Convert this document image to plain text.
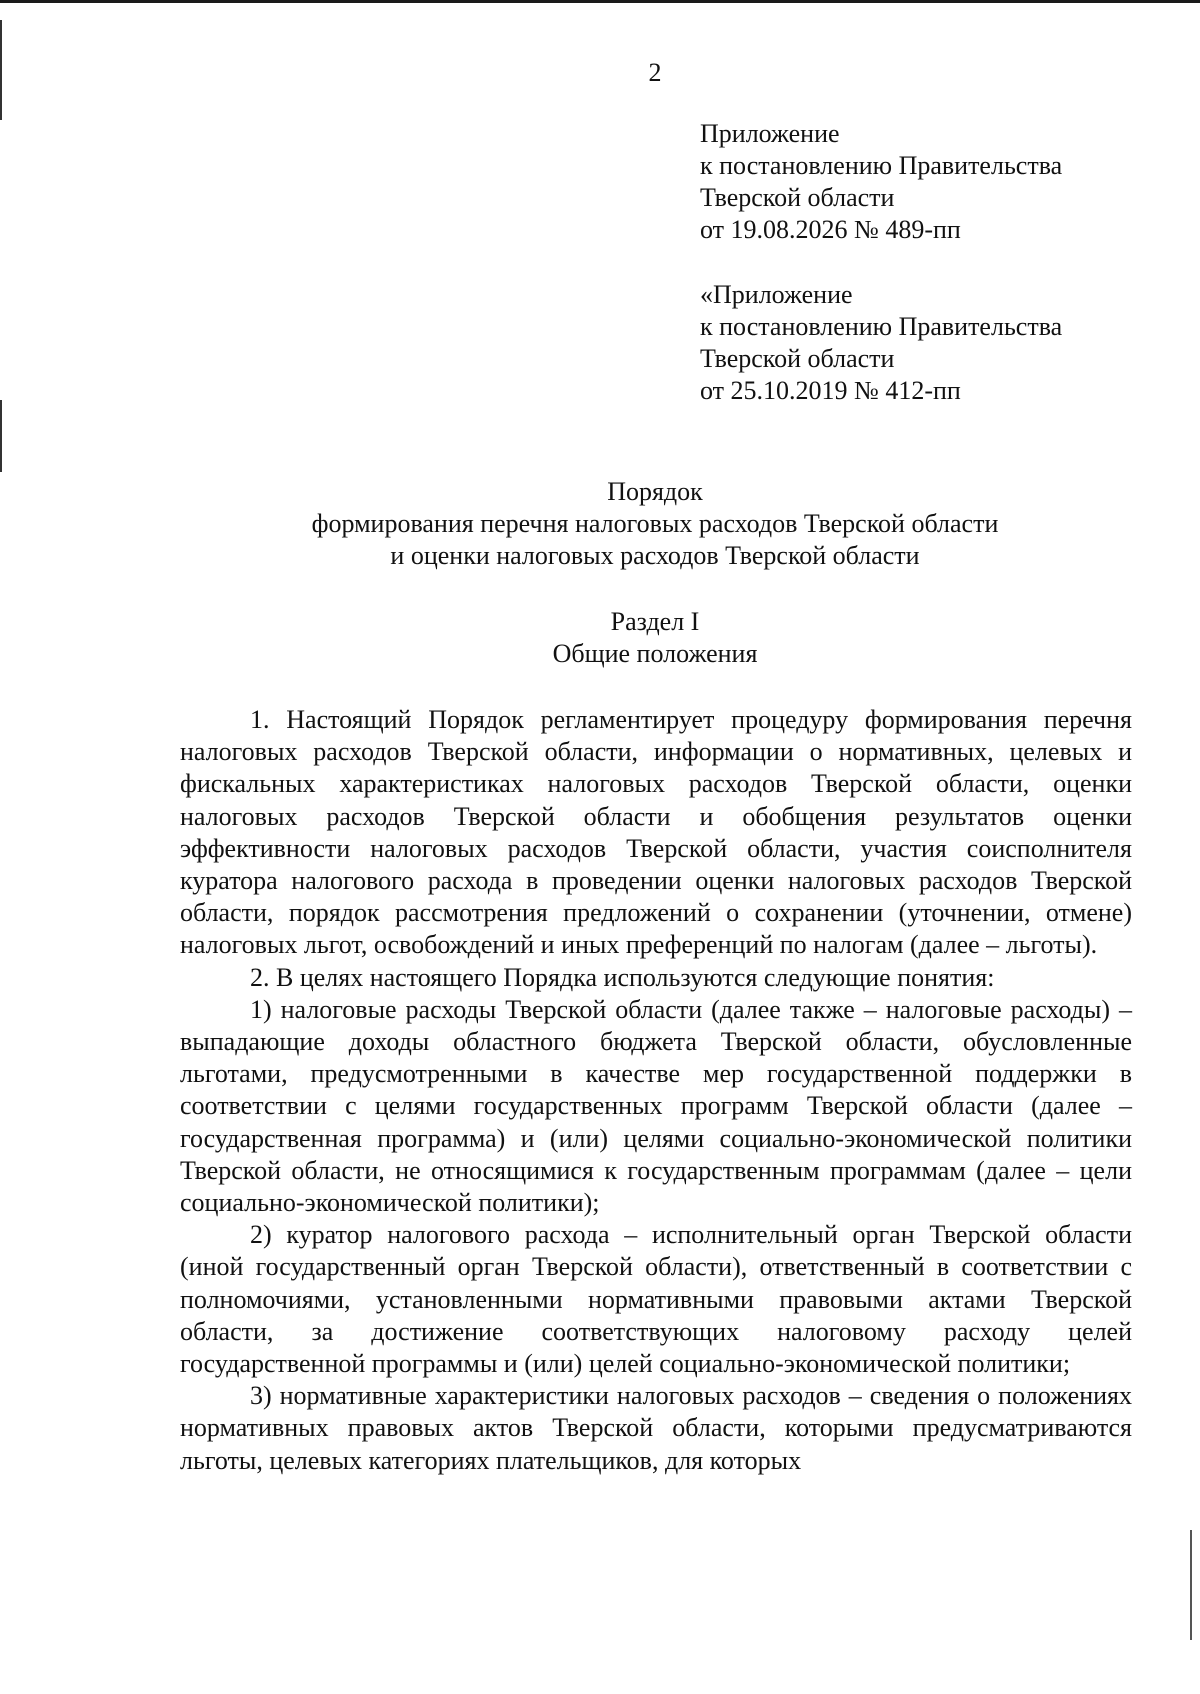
2
Приложение
к постановлению Правительства
Тверской области
от 19.08.2026 № 489-пп
«Приложение
к постановлению Правительства
Тверской области
от 25.10.2019 № 412-пп
Порядок
формирования перечня налоговых расходов Тверской области
и оценки налоговых расходов Тверской области
Раздел I
Общие положения

1. Настоящий Порядок регламентирует процедуру формирования перечня налоговых расходов Тверской области, информации о нормативных, целевых и фискальных характеристиках налоговых расходов Тверской области, оценки налоговых расходов Тверской области и обобщения результатов оценки эффективности налоговых расходов Тверской области, участия соисполнителя куратора налогового расхода в проведении оценки налоговых расходов Тверской области, порядок рассмотрения предложений о сохранении (уточнении, отмене) налоговых льгот, освобождений и иных преференций по налогам (далее – льготы).

2. В целях настоящего Порядка используются следующие понятия:

1) налоговые расходы Тверской области (далее также – налоговые расходы) – выпадающие доходы областного бюджета Тверской области, обусловленные льготами, предусмотренными в качестве мер государственной поддержки в соответствии с целями государственных программ Тверской области (далее – государственная программа) и (или) целями социально-экономической политики Тверской области, не относящимися к государственным программам (далее – цели социально-экономической политики);

2) куратор налогового расхода – исполнительный орган Тверской области (иной государственный орган Тверской области), ответственный в соответствии с полномочиями, установленными нормативными правовыми актами Тверской области, за достижение соответствующих налоговому расходу целей государственной программы и (или) целей социально-экономической политики;

3) нормативные характеристики налоговых расходов – сведения о положениях нормативных правовых актов Тверской области, которыми предусматриваются льготы, целевых категориях плательщиков, для которых
